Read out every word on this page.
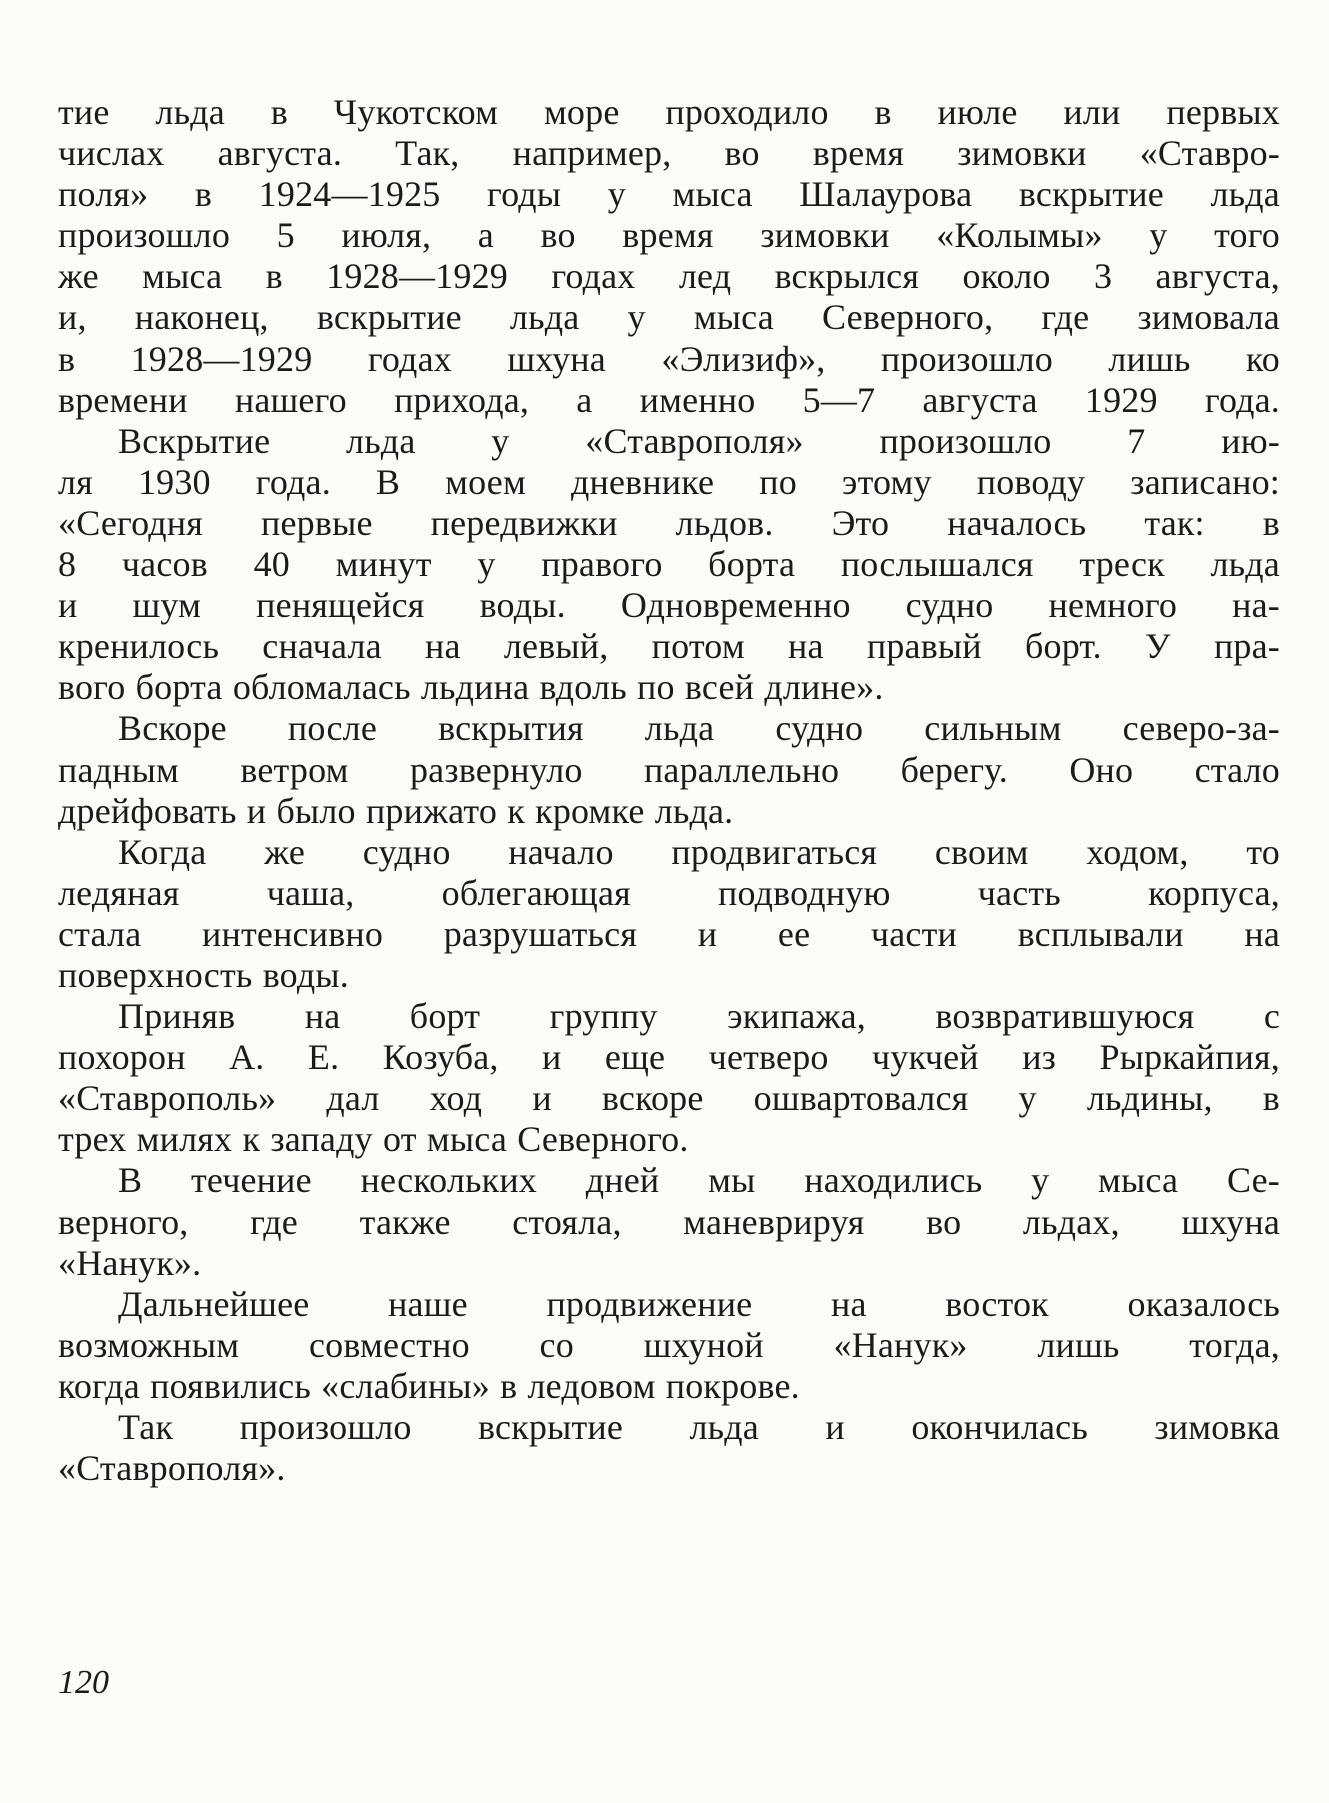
тие льда в Чукотском море проходило в июле или первых
числах августа. Так, например, во время зимовки «Ставро-
поля» в 1924—1925 годы у мыса Шалаурова вскрытие льда
произошло 5 июля, а во время зимовки «Колымы» у того
же мыса в 1928—1929 годах лед вскрылся около 3 августа,
и, наконец, вскрытие льда у мыса Северного, где зимовала
в 1928—1929 годах шхуна «Элизиф», произошло лишь ко
времени нашего прихода, а именно 5—7 августа 1929 года.
Вскрытие льда у «Ставрополя» произошло 7 ию-
ля 1930 года. В моем дневнике по этому поводу записано:
«Сегодня первые передвижки льдов. Это началось так: в
8 часов 40 минут у правого борта послышался треск льда
и шум пенящейся воды. Одновременно судно немного на-
кренилось сначала на левый, потом на правый борт. У пра-
вого борта обломалась льдина вдоль по всей длине».
Вскоре после вскрытия льда судно сильным северо-за-
падным ветром развернуло параллельно берегу. Оно стало
дрейфовать и было прижато к кромке льда.
Когда же судно начало продвигаться своим ходом, то
ледяная чаша, облегающая подводную часть корпуса,
стала интенсивно разрушаться и ее части всплывали на
поверхность воды.
Приняв на борт группу экипажа, возвратившуюся с
похорон А. Е. Козуба, и еще четверо чукчей из Рыркайпия,
«Ставрополь» дал ход и вскоре ошвартовался у льдины, в
трех милях к западу от мыса Северного.
В течение нескольких дней мы находились у мыса Се-
верного, где также стояла, маневрируя во льдах, шхуна
«Нанук».
Дальнейшее наше продвижение на восток оказалось
возможным совместно со шхуной «Нанук» лишь тогда,
когда появились «слабины» в ледовом покрове.
Так произошло вскрытие льда и окончилась зимовка
«Ставрополя».
120
